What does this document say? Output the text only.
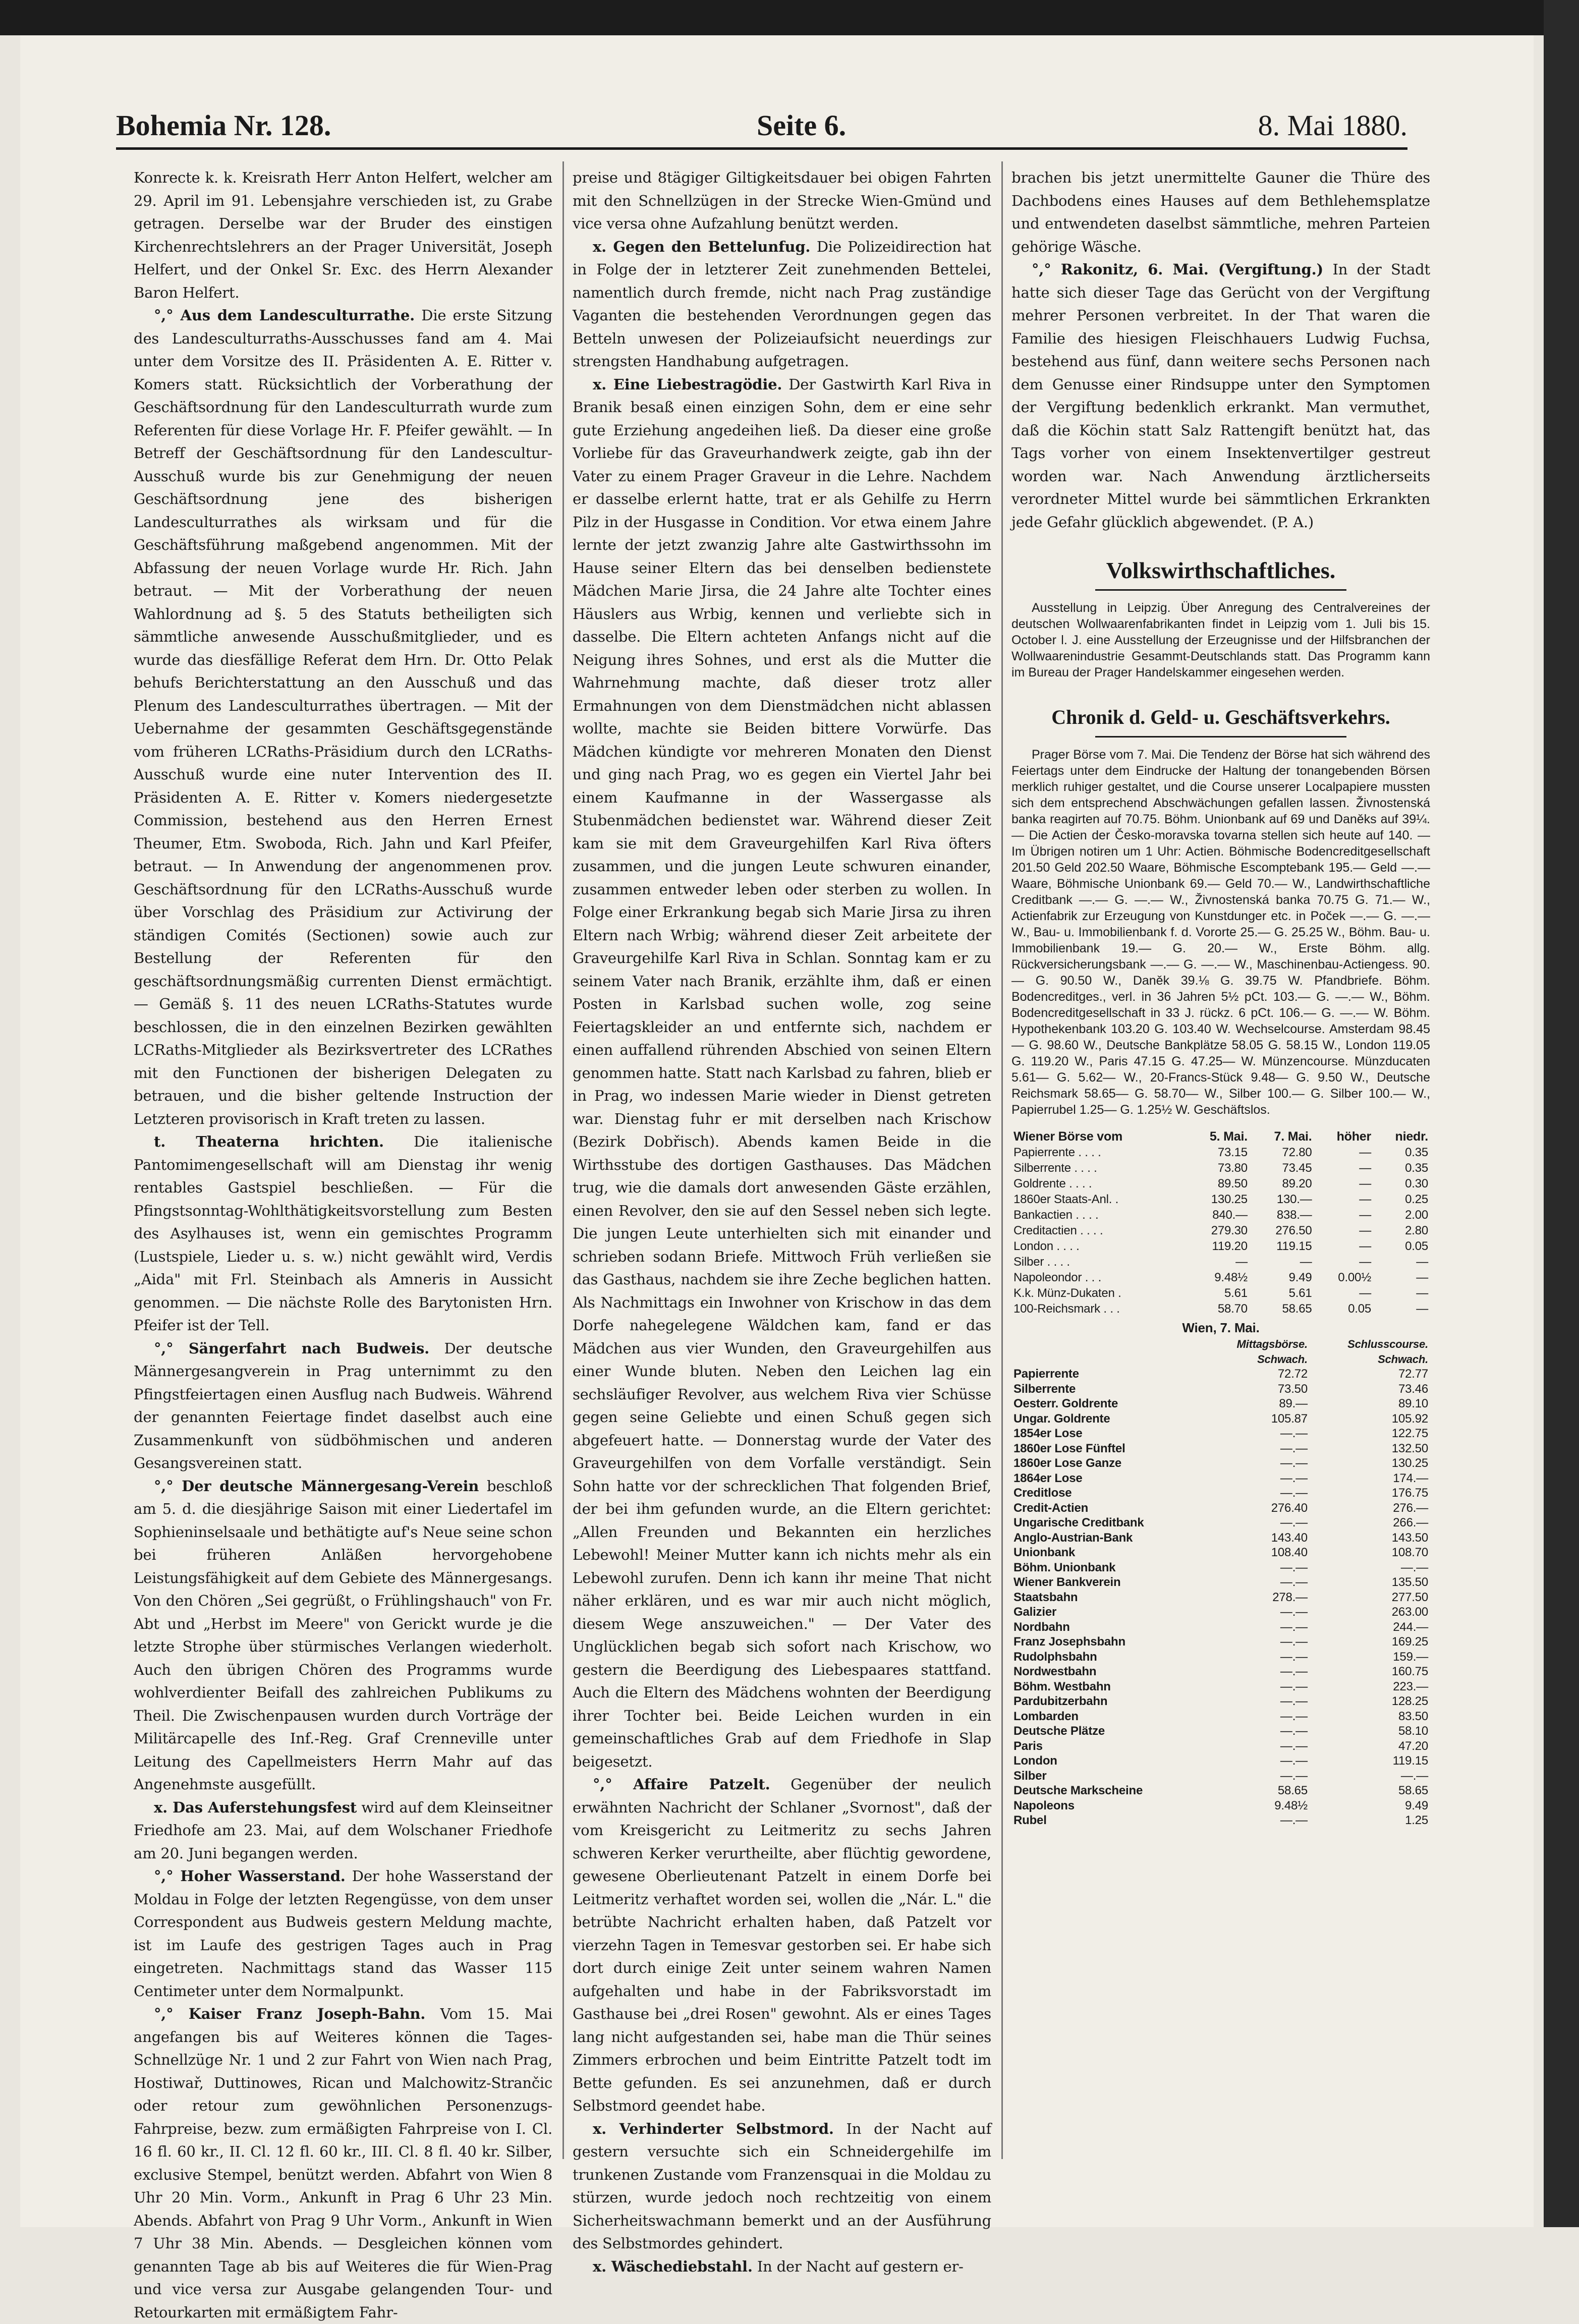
Bohemia Nr. 128.	Seite 6.	8. Mai 1880.

Konrecte k. k. Kreisrath Herr Anton Helfert, welcher am 29. April im 91. Lebensjahre verschieden ist, zu Grabe getragen. Derselbe war der Bruder des einstigen Kirchenrechtslehrers an der Prager Universität, Joseph Helfert, und der Onkel Sr. Exc. des Herrn Alexander Baron Helfert.

°,° Aus dem Landesculturrathe. Die erste Sitzung des Landesculturraths-Ausschusses fand am 4. Mai unter dem Vorsitze des II. Präsidenten A. E. Ritter v. Komers statt. Rücksichtlich der Vorberathung der Geschäftsordnung für den Landesculturrath wurde zum Referenten für diese Vorlage Hr. F. Pfeifer gewählt. — In Betreff der Geschäftsordnung für den Landescultur-Ausschuß wurde bis zur Genehmigung der neuen Geschäftsordnung jene des bisherigen Landesculturrathes als wirksam und für die Geschäftsführung maßgebend angenommen. Mit der Abfassung der neuen Vorlage wurde Hr. Rich. Jahn betraut. — Mit der Vorberathung der neuen Wahlordnung ad §. 5 des Statuts betheiligten sich sämmtliche anwesende Ausschußmitglieder, und es wurde das diesfällige Referat dem Hrn. Dr. Otto Pelak behufs Berichterstattung an den Ausschuß und das Plenum des Landesculturrathes übertragen. — Mit der Uebernahme der gesammten Geschäftsgegenstände vom früheren LCRaths-Präsidium durch den LCRaths-Ausschuß wurde eine nuter Intervention des II. Präsidenten A. E. Ritter v. Komers niedergesetzte Commission, bestehend aus den Herren Ernest Theumer, Etm. Swoboda, Rich. Jahn und Karl Pfeifer, betraut. — In Anwendung der angenommenen prov. Geschäftsordnung für den LCRaths-Ausschuß wurde über Vorschlag des Präsidium zur Activirung der ständigen Comités (Sectionen) sowie auch zur Bestellung der Referenten für den geschäftsordnungsmäßig currenten Dienst ermächtigt. — Gemäß §. 11 des neuen LCRaths-Statutes wurde beschlossen, die in den einzelnen Bezirken gewählten LCRaths-Mitglieder als Bezirksvertreter des LCRathes mit den Functionen der bisherigen Delegaten zu betrauen, und die bisher geltende Instruction der Letzteren provisorisch in Kraft treten zu lassen.

t. Theaterna hrichten. Die italienische Pantomimengesellschaft will am Dienstag ihr wenig rentables Gastspiel beschließen. — Für die Pfingstsonntag-Wohlthätigkeitsvorstellung zum Besten des Asylhauses ist, wenn ein gemischtes Programm (Lustspiele, Lieder u. s. w.) nicht gewählt wird, Verdis „Aida" mit Frl. Steinbach als Amneris in Aussicht genommen. — Die nächste Rolle des Barytonisten Hrn. Pfeifer ist der Tell.

°,° Sängerfahrt nach Budweis. Der deutsche Männergesangverein in Prag unternimmt zu den Pfingstfeiertagen einen Ausflug nach Budweis. Während der genannten Feiertage findet daselbst auch eine Zusammenkunft von südböhmischen und anderen Gesangsvereinen statt.

°,° Der deutsche Männergesang-Verein beschloß am 5. d. die diesjährige Saison mit einer Liedertafel im Sophieninselsaale und bethätigte auf's Neue seine schon bei früheren Anläßen hervorgehobene Leistungsfähigkeit auf dem Gebiete des Männergesangs. Von den Chören „Sei gegrüßt, o Frühlingshauch" von Fr. Abt und „Herbst im Meere" von Gerickt wurde je die letzte Strophe über stürmisches Verlangen wiederholt. Auch den übrigen Chören des Programms wurde wohlverdienter Beifall des zahlreichen Publikums zu Theil. Die Zwischenpausen wurden durch Vorträge der Militärcapelle des Inf.-Reg. Graf Crenneville unter Leitung des Capellmeisters Herrn Mahr auf das Angenehmste ausgefüllt.

x. Das Auferstehungsfest wird auf dem Kleinseitner Friedhofe am 23. Mai, auf dem Wolschaner Friedhofe am 20. Juni begangen werden.

°,° Hoher Wasserstand. Der hohe Wasserstand der Moldau in Folge der letzten Regengüsse, von dem unser Correspondent aus Budweis gestern Meldung machte, ist im Laufe des gestrigen Tages auch in Prag eingetreten. Nachmittags stand das Wasser 115 Centimeter unter dem Normalpunkt.

°,° Kaiser Franz Joseph-Bahn. Vom 15. Mai angefangen bis auf Weiteres können die Tages-Schnellzüge Nr. 1 und 2 zur Fahrt von Wien nach Prag, Hostiwař, Duttinowes, Rican und Malchowitz-Strančic oder retour zum gewöhnlichen Personenzugs-Fahrpreise, bezw. zum ermäßigten Fahrpreise von I. Cl. 16 fl. 60 kr., II. Cl. 12 fl. 60 kr., III. Cl. 8 fl. 40 kr. Silber, exclusive Stempel, benützt werden. Abfahrt von Wien 8 Uhr 20 Min. Vorm., Ankunft in Prag 6 Uhr 23 Min. Abends. Abfahrt von Prag 9 Uhr Vorm., Ankunft in Wien 7 Uhr 38 Min. Abends. — Desgleichen können vom genannten Tage ab bis auf Weiteres die für Wien-Prag und vice versa zur Ausgabe gelangenden Tour- und Retourkarten mit ermäßigtem Fahr-

preise und 8tägiger Giltigkeitsdauer bei obigen Fahrten mit den Schnellzügen in der Strecke Wien-Gmünd und vice versa ohne Aufzahlung benützt werden.

x. Gegen den Bettelunfug. Die Polizeidirection hat in Folge der in letzterer Zeit zunehmenden Bettelei, namentlich durch fremde, nicht nach Prag zuständige Vaganten die bestehenden Verordnungen gegen das Betteln unwesen der Polizeiaufsicht neuerdings zur strengsten Handhabung aufgetragen.

x. Eine Liebestragödie. Der Gastwirth Karl Riva in Branik besaß einen einzigen Sohn, dem er eine sehr gute Erziehung angedeihen ließ. Da dieser eine große Vorliebe für das Graveurhandwerk zeigte, gab ihn der Vater zu einem Prager Graveur in die Lehre. Nachdem er dasselbe erlernt hatte, trat er als Gehilfe zu Herrn Pilz in der Husgasse in Condition. Vor etwa einem Jahre lernte der jetzt zwanzig Jahre alte Gastwirthssohn im Hause seiner Eltern das bei denselben bedienstete Mädchen Marie Jirsa, die 24 Jahre alte Tochter eines Häuslers aus Wrbig, kennen und verliebte sich in dasselbe. Die Eltern achteten Anfangs nicht auf die Neigung ihres Sohnes, und erst als die Mutter die Wahrnehmung machte, daß dieser trotz aller Ermahnungen von dem Dienstmädchen nicht ablassen wollte, machte sie Beiden bittere Vorwürfe. Das Mädchen kündigte vor mehreren Monaten den Dienst und ging nach Prag, wo es gegen ein Viertel Jahr bei einem Kaufmanne in der Wassergasse als Stubenmädchen bedienstet war. Während dieser Zeit kam sie mit dem Graveurgehilfen Karl Riva öfters zusammen, und die jungen Leute schwuren einander, zusammen entweder leben oder sterben zu wollen. In Folge einer Erkrankung begab sich Marie Jirsa zu ihren Eltern nach Wrbig; während dieser Zeit arbeitete der Graveurgehilfe Karl Riva in Schlan. Sonntag kam er zu seinem Vater nach Branik, erzählte ihm, daß er einen Posten in Karlsbad suchen wolle, zog seine Feiertagskleider an und entfernte sich, nachdem er einen auffallend rührenden Abschied von seinen Eltern genommen hatte. Statt nach Karlsbad zu fahren, blieb er in Prag, wo indessen Marie wieder in Dienst getreten war. Dienstag fuhr er mit derselben nach Krischow (Bezirk Dobřisch). Abends kamen Beide in die Wirthsstube des dortigen Gasthauses. Das Mädchen trug, wie die damals dort anwesenden Gäste erzählen, einen Revolver, den sie auf den Sessel neben sich legte. Die jungen Leute unterhielten sich mit einander und schrieben sodann Briefe. Mittwoch Früh verließen sie das Gasthaus, nachdem sie ihre Zeche beglichen hatten. Als Nachmittags ein Inwohner von Krischow in das dem Dorfe nahegelegene Wäldchen kam, fand er das Mädchen aus vier Wunden, den Graveurgehilfen aus einer Wunde bluten. Neben den Leichen lag ein sechsläufiger Revolver, aus welchem Riva vier Schüsse gegen seine Geliebte und einen Schuß gegen sich abgefeuert hatte. — Donnerstag wurde der Vater des Graveurgehilfen von dem Vorfalle verständigt. Sein Sohn hatte vor der schrecklichen That folgenden Brief, der bei ihm gefunden wurde, an die Eltern gerichtet: „Allen Freunden und Bekannten ein herzliches Lebewohl! Meiner Mutter kann ich nichts mehr als ein Lebewohl zurufen. Denn ich kann ihr meine That nicht näher erklären, und es war mir auch nicht möglich, diesem Wege anszuweichen." — Der Vater des Unglücklichen begab sich sofort nach Krischow, wo gestern die Beerdigung des Liebespaares stattfand. Auch die Eltern des Mädchens wohnten der Beerdigung ihrer Tochter bei. Beide Leichen wurden in ein gemeinschaftliches Grab auf dem Friedhofe in Slap beigesetzt.

°,° Affaire Patzelt. Gegenüber der neulich erwähnten Nachricht der Schlaner „Svornost", daß der vom Kreisgericht zu Leitmeritz zu sechs Jahren schweren Kerker verurtheilte, aber flüchtig gewordene, gewesene Oberlieutenant Patzelt in einem Dorfe bei Leitmeritz verhaftet worden sei, wollen die „Nár. L." die betrübte Nachricht erhalten haben, daß Patzelt vor vierzehn Tagen in Temesvar gestorben sei. Er habe sich dort durch einige Zeit unter seinem wahren Namen aufgehalten und habe in der Fabriksvorstadt im Gasthause bei „drei Rosen" gewohnt. Als er eines Tages lang nicht aufgestanden sei, habe man die Thür seines Zimmers erbrochen und beim Eintritte Patzelt todt im Bette gefunden. Es sei anzunehmen, daß er durch Selbstmord geendet habe.

x. Verhinderter Selbstmord. In der Nacht auf gestern versuchte sich ein Schneidergehilfe im trunkenen Zustande vom Franzensquai in die Moldau zu stürzen, wurde jedoch noch rechtzeitig von einem Sicherheitswachmann bemerkt und an der Ausführung des Selbstmordes gehindert.

x. Wäschediebstahl. In der Nacht auf gestern er-

brachen bis jetzt unermittelte Gauner die Thüre des Dachbodens eines Hauses auf dem Bethlehemsplatze und entwendeten daselbst sämmtliche, mehren Parteien gehörige Wäsche.

°,° Rakonitz, 6. Mai. (Vergiftung.) In der Stadt hatte sich dieser Tage das Gerücht von der Vergiftung mehrer Personen verbreitet. In der That waren die Familie des hiesigen Fleischhauers Ludwig Fuchsa, bestehend aus fünf, dann weitere sechs Personen nach dem Genusse einer Rindsuppe unter den Symptomen der Vergiftung bedenklich erkrankt. Man vermuthet, daß die Köchin statt Salz Rattengift benützt hat, das Tags vorher von einem Insektenvertilger gestreut worden war. Nach Anwendung ärztlicherseits verordneter Mittel wurde bei sämmtlichen Erkrankten jede Gefahr glücklich abgewendet. (P. A.)

Volkswirthschaftliches.

Ausstellung in Leipzig. Über Anregung des Centralvereines der deutschen Wollwaarenfabrikanten findet in Leipzig vom 1. Juli bis 15. October l. J. eine Ausstellung der Erzeugnisse und der Hilfsbranchen der Wollwaarenindustrie Gesammt-Deutschlands statt. Das Programm kann im Bureau der Prager Handelskammer eingesehen werden.

Chronik d. Geld- u. Geschäftsverkehrs.

Prager Börse vom 7. Mai. Die Tendenz der Börse hat sich während des Feiertags unter dem Eindrucke der Haltung der tonangebenden Börsen merklich ruhiger gestaltet, und die Course unserer Localpapiere mussten sich dem entsprechend Abschwächungen gefallen lassen. Živnostenská banka reagirten auf 70.75. Böhm. Unionbank auf 69 und Daněks auf 39¼. — Die Actien der Česko-moravska tovarna stellen sich heute auf 140. — Im Übrigen notiren um 1 Uhr: Actien. Böhmische Bodencreditgesellschaft 201.50 Geld 202.50 Waare, Böhmische Escomptebank 195.— Geld —.— Waare, Böhmische Unionbank 69.— Geld 70.— W., Landwirthschaftliche Creditbank —.— G. —.— W., Živnostenská banka 70.75 G. 71.— W., Actienfabrik zur Erzeugung von Kunstdunger etc. in Poček —.— G. —.— W., Bau- u. Immobilienbank f. d. Vororte 25.— G. 25.25 W., Böhm. Bau- u. Immobilienbank 19.— G. 20.— W., Erste Böhm. allg. Rückversicherungsbank —.— G. —.— W., Maschinenbau-Actiengess. 90.— G. 90.50 W., Daněk 39.⅛ G. 39.75 W. Pfandbriefe. Böhm. Bodencreditges., verl. in 36 Jahren 5½ pCt. 103.— G. —.— W., Böhm. Bodencreditgesellschaft in 33 J. rückz. 6 pCt. 106.— G. —.— W. Böhm. Hypothekenbank 103.20 G. 103.40 W. Wechselcourse. Amsterdam 98.45— G. 98.60 W., Deutsche Bankplätze 58.05 G. 58.15 W., London 119.05 G. 119.20 W., Paris 47.15 G. 47.25— W. Münzencourse. Münzducaten 5.61— G. 5.62— W., 20-Francs-Stück 9.48— G. 9.50 W., Deutsche Reichsmark 58.65— G. 58.70— W., Silber 100.— G. Silber 100.— W., Papierrubel 1.25— G. 1.25½ W. Geschäftslos.

Wiener Börse vom	5. Mai.	7. Mai.	höher	niedr.
Papierrente . . . .	73.15	72.80	—	0.35
Silberrente . . . .	73.80	73.45	—	0.35
Goldrente . . . .	89.50	89.20	—	0.30
1860er Staats-Anl. .	130.25	130.—	—	0.25
Bankactien . . . .	840.—	838.—	—	2.00
Creditactien . . . .	279.30	276.50	—	2.80
London . . . .	119.20	119.15	—	0.05
Silber . . . .	—	—	—	—
Napoleondor . . .	9.48½	9.49	0.00½	—
K.k. Münz-Dukaten .	5.61	5.61	—	—
100-Reichsmark . . .	58.70	58.65	0.05	—
Wien, 7. Mai.
	Mittagsbörse.	Schlusscourse.
	Schwach.	Schwach.
Papierrente	72.72	72.77
Silberrente	73.50	73.46
Oesterr. Goldrente	89.—	89.10
Ungar. Goldrente	105.87	105.92
1854er Lose	—.—	122.75
1860er Lose Fünftel	—.—	132.50
1860er Lose Ganze	—.—	130.25
1864er Lose	—.—	174.—
Creditlose	—.—	176.75
Credit-Actien	276.40	276.—
Ungarische Creditbank	—.—	266.—
Anglo-Austrian-Bank	143.40	143.50
Unionbank	108.40	108.70
Böhm. Unionbank	—.—	—.—
Wiener Bankverein	—.—	135.50
Staatsbahn	278.—	277.50
Galizier	—.—	263.00
Nordbahn	—.—	244.—
Franz Josephsbahn	—.—	169.25
Rudolphsbahn	—.—	159.—
Nordwestbahn	—.—	160.75
Böhm. Westbahn	—.—	223.—
Pardubitzerbahn	—.—	128.25
Lombarden	—.—	83.50
Deutsche Plätze	—.—	58.10
Paris	—.—	47.20
London	—.—	119.15
Silber	—.—	—.—
Deutsche Markscheine	58.65	58.65
Napoleons	9.48½	9.49
Rubel	—.—	1.25
